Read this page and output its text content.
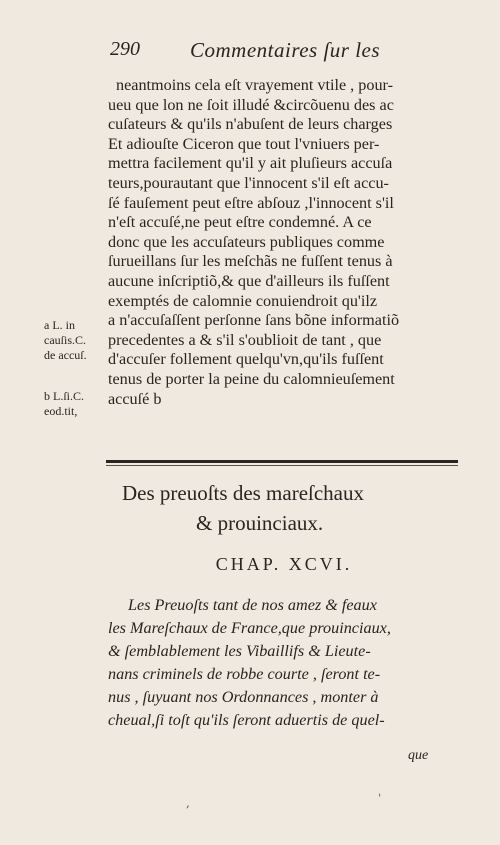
290 Commentaires ſur les
neantmoins cela eſt vrayement vtile , pour-
ueu que lon ne ſoit illudé &circõuenu des ac
cuſateurs & qu'ils n'abuſent de leurs charges
Et adiouſte Ciceron que tout l'vniuers per-
mettra facilement qu'il y ait pluſieurs accuſa
teurs,pourautant que l'innocent s'il eſt accu-
ſé fauſement peut eſtre abſouz ,l'innocent s'il
n'eſt accuſé,ne peut eſtre condemné. A ce
donc que les accuſateurs publiques comme
ſurueillans ſur les meſchãs ne fuſſent tenus à
aucune inſcriptiõ,& que d'ailleurs ils fuſſent
exemptés de calomnie conuiendroit qu'ilz
a n'accuſaſſent perſonne ſans bõne informatiõ
precedentes a & s'il s'oublioit de tant , que
d'accuſer follement quelqu'vn,qu'ils fuſſent
tenus de porter la peine du calomnieuſement
accuſé b
a L. in
cauſis.C.
de accuſ.
b L.ſi.C.
eod.tit,
Des preuoſts des mareſchaux
& prouinciaux.
CHAP. XCVI.
Les Preuoſts tant de nos amez & feaux
les Mareſchaux de France,que prouinciaux,
& ſemblablement les Vibaillifs & Lieute-
nans criminels de robbe courte , ſeront te-
nus , ſuyuant nos Ordonnances , monter à
cheual,ſi toſt qu'ils ſeront aduertis de quel-
que
,	ˈ
